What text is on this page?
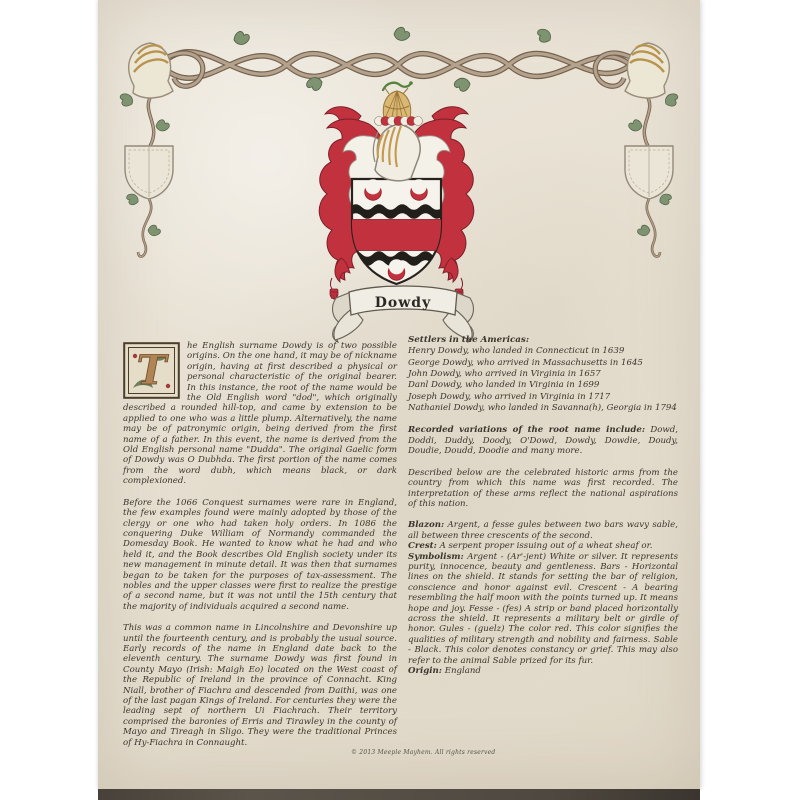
Dowdy

T
he English surname Dowdy is of two possible origins. On the one hand, it may be of nickname origin, having at first described a physical or personal characteristic of the original bearer. In this instance, the root of the name would be the Old English word "dod", which originally described a rounded hill-top, and came by extension to be applied to one who was a little plump. Alternatively, the name may be of patronymic origin, being derived from the first name of a father. In this event, the name is derived from the Old English personal name "Dudda". The original Gaelic form of Dowdy was O Dubhda. The first portion of the name comes from the word dubh, which means black, or dark complexioned.

Before the 1066 Conquest surnames were rare in England, the few examples found were mainly adopted by those of the clergy or one who had taken holy orders. In 1086 the conquering Duke William of Normandy commanded the Domesday Book. He wanted to know what he had and who held it, and the Book describes Old English society under its new management in minute detail. It was then that surnames began to be taken for the purposes of tax-assessment. The nobles and the upper classes were first to realize the prestige of a second name, but it was not until the 15th century that the majority of individuals acquired a second name.

This was a common name in Lincolnshire and Devonshire up until the fourteenth century, and is probably the usual source. Early records of the name in England date back to the eleventh century. The surname Dowdy was first found in County Mayo (Irish: Maigh Eo) located on the West coast of the Republic of Ireland in the province of Connacht. King Niall, brother of Fiachra and descended from Daithi, was one of the last pagan Kings of Ireland. For centuries they were the leading sept of northern Ui Fiachrach. Their territory comprised the baronies of Erris and Tirawley in the county of Mayo and Tireagh in Sligo. They were the traditional Princes of Hy-Fiachra in Connaught.

Settlers in the Americas:
Henry Dowdy, who landed in Connecticut in 1639
George Dowdy, who arrived in Massachusetts in 1645
John Dowdy, who arrived in Virginia in 1657
Danl Dowdy, who landed in Virginia in 1699
Joseph Dowdy, who arrived in Virginia in 1717
Nathaniel Dowdy, who landed in Savanna(h), Georgia in 1794

Recorded variations of the root name include: Dowd, Doddi, Duddy, Doody, O'Dowd, Dowdy, Dowdie, Doudy, Doudie, Doudd, Doodie and many more.

Described below are the celebrated historic arms from the country from which this name was first recorded. The interpretation of these arms reflect the national aspirations of this nation.

Blazon: Argent, a fesse gules between two bars wavy sable, all between three crescents of the second.

Crest: A serpent proper issuing out of a wheat sheaf or.

Symbolism: Argent - (Ar'-jent) White or silver. It represents purity, innocence, beauty and gentleness. Bars - Horizontal lines on the shield. It stands for setting the bar of religion, conscience and honor against evil. Crescent - A bearing resembling the half moon with the points turned up. It means hope and joy. Fesse - (fes) A strip or band placed horizontally across the shield. It represents a military belt or girdle of honor. Gules - (guelz) The color red. This color signifies the qualities of military strength and nobility and fairness. Sable - Black. This color denotes constancy or grief. This may also refer to the animal Sable prized for its fur.

Origin: England

© 2013 Meeple Mayhem. All rights reserved
